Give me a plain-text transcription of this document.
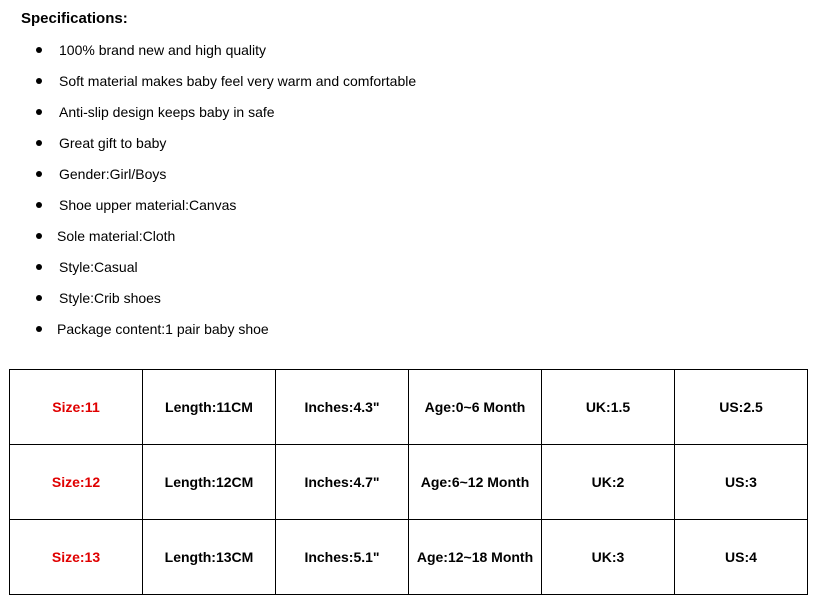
Specifications:
100% brand new and high quality
Soft material makes baby feel very warm and comfortable
Anti-slip design keeps baby in safe
Great gift to baby
Gender:Girl/Boys
Shoe upper material:Canvas
Sole material:Cloth
Style:Casual
Style:Crib shoes
Package content:1 pair baby shoe
Size:11	Length:11CM	Inches:4.3"	Age:0~6 Month	UK:1.5	US:2.5
Size:12	Length:12CM	Inches:4.7"	Age:6~12 Month	UK:2	US:3
Size:13	Length:13CM	Inches:5.1"	Age:12~18 Month	UK:3	US:4
